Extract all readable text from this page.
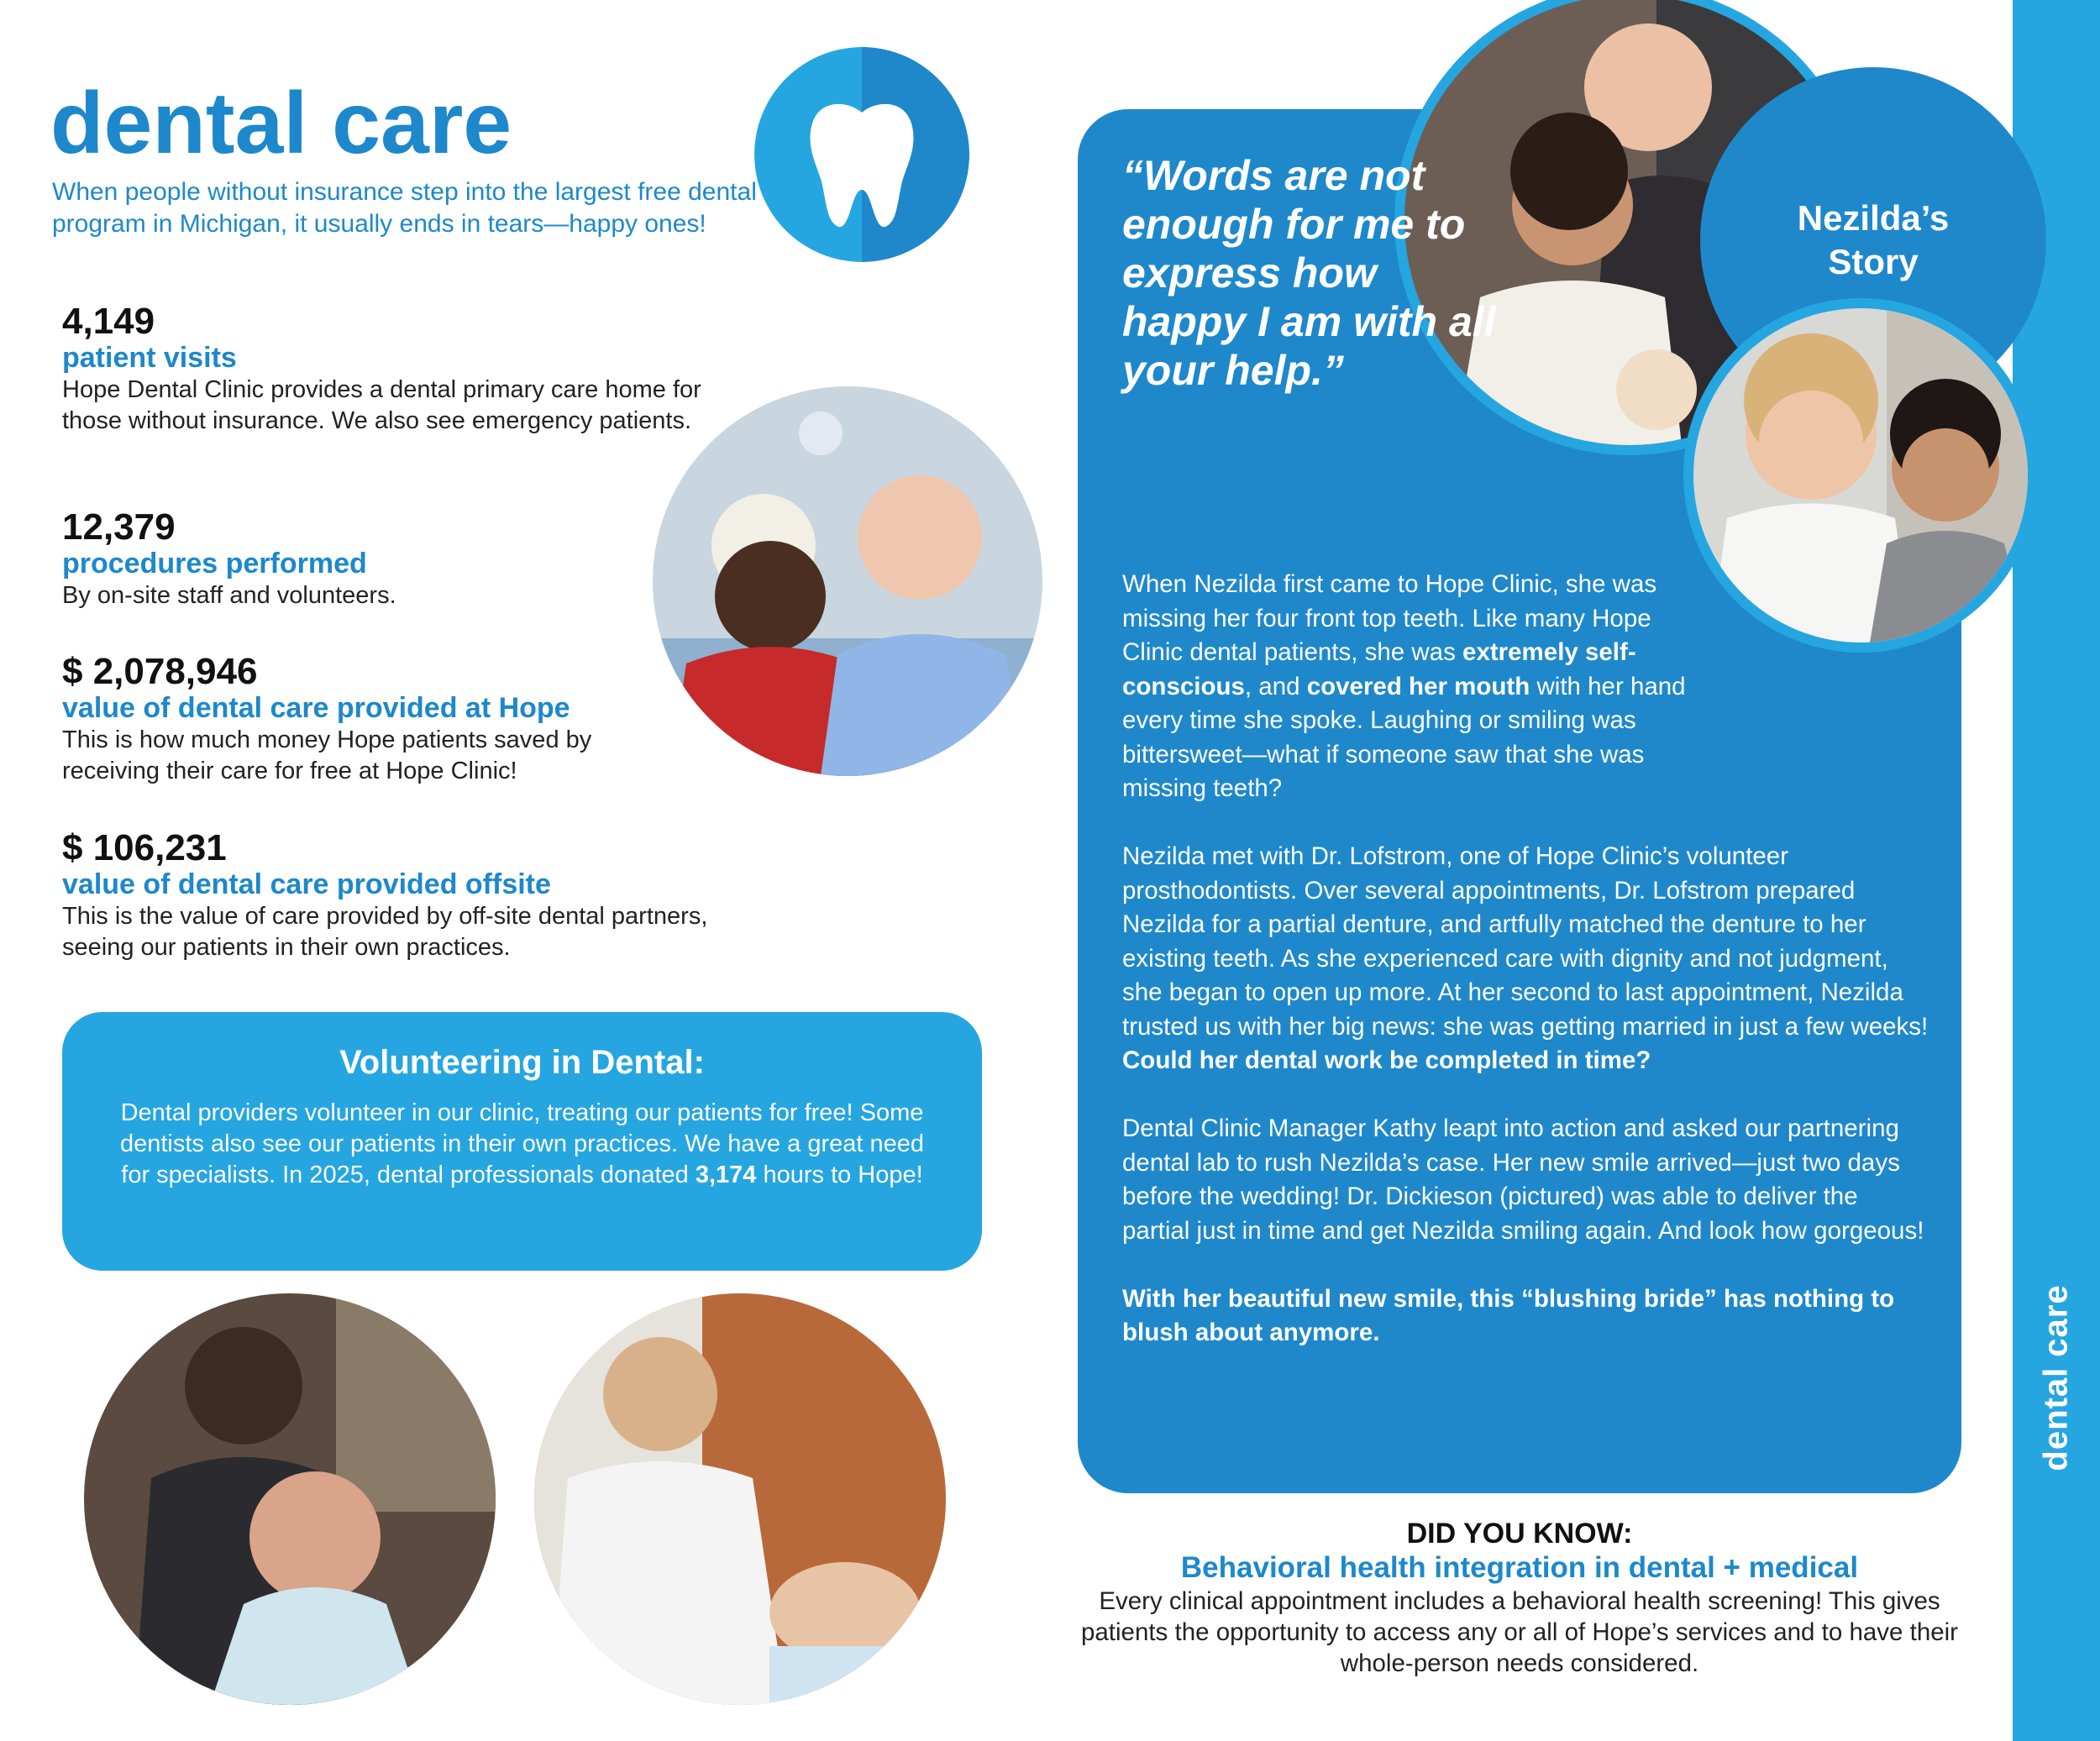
dental care
dental care
When people without insurance step into the largest free dental program in Michigan, it usually ends in tears—happy ones!
4,149
patient visits
Hope Dental Clinic provides a dental primary care home for those without insurance. We also see emergency patients.
12,379
procedures performed
By on-site staff and volunteers.
$ 2,078,946
value of dental care provided at Hope
This is how much money Hope patients saved by receiving their care for free at Hope Clinic!
$ 106,231
value of dental care provided offsite
This is the value of care provided by off-site dental partners, seeing our patients in their own practices.
Volunteering in Dental:
Dental providers volunteer in our clinic, treating our patients for free! Some dentists also see our patients in their own practices. We have a great need for specialists. In 2025, dental professionals donated 3,174 hours to Hope!
Nezilda’s
Story
“Words are not enough for me to express how happy I am with all your help.”

When Nezilda first came to Hope Clinic, she was missing her four front top teeth. Like many Hope Clinic dental patients, she was extremely self-conscious, and covered her mouth with her hand every time she spoke. Laughing or smiling was bittersweet—what if someone saw that she was missing teeth?

Nezilda met with Dr. Lofstrom, one of Hope Clinic’s volunteer prosthodontists. Over several appointments, Dr. Lofstrom prepared Nezilda for a partial denture, and artfully matched the denture to her existing teeth. As she experienced care with dignity and not judgment, she began to open up more. At her second to last appointment, Nezilda trusted us with her big news: she was getting married in just a few weeks!
Could her dental work be completed in time?

Dental Clinic Manager Kathy leapt into action and asked our partnering dental lab to rush Nezilda’s case. Her new smile arrived—just two days before the wedding! Dr. Dickieson (pictured) was able to deliver the partial just in time and get Nezilda smiling again. And look how gorgeous!

With her beautiful new smile, this “blushing bride” has nothing to blush about anymore.

DID YOU KNOW:
Behavioral health integration in dental + medical
Every clinical appointment includes a behavioral health screening! This gives patients the opportunity to access any or all of Hope’s services and to have their whole-person needs considered.
